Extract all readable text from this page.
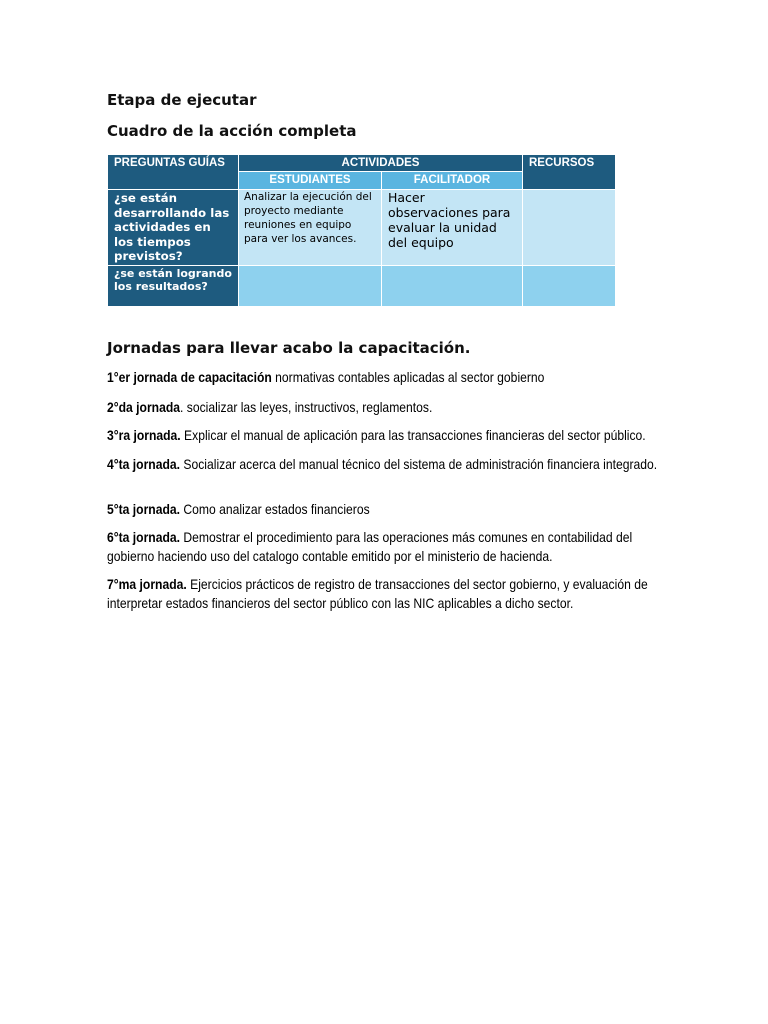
Etapa de ejecutar
Cuadro de la acción completa
PREGUNTAS GUÍAS	ACTIVIDADES		RECURSOS

	ESTUDIANTES	FACILITADOR	

¿se están desarrollando las actividades en los tiempos previstos?	Analizar la ejecución del proyecto mediante reuniones en equipo para ver los avances.	Hacer observaciones para evaluar la unidad del equipo	

¿se están logrando los resultados?			

Jornadas para llevar acabo la capacitación.
1°er jornada de capacitación normativas contables aplicadas al sector gobierno
2°da jornada. socializar las leyes, instructivos, reglamentos.
3°ra jornada. Explicar el manual de aplicación para las transacciones financieras del sector público.
4°ta jornada. Socializar acerca del manual técnico del sistema de administración financiera integrado.
5°ta jornada. Como analizar estados financieros
6°ta jornada. Demostrar el procedimiento para las operaciones más comunes en contabilidad del gobierno haciendo uso del catalogo contable emitido por el ministerio de hacienda.
7°ma jornada. Ejercicios prácticos de registro de transacciones del sector gobierno, y evaluación de interpretar estados financieros del sector público con las NIC aplicables a dicho sector.
